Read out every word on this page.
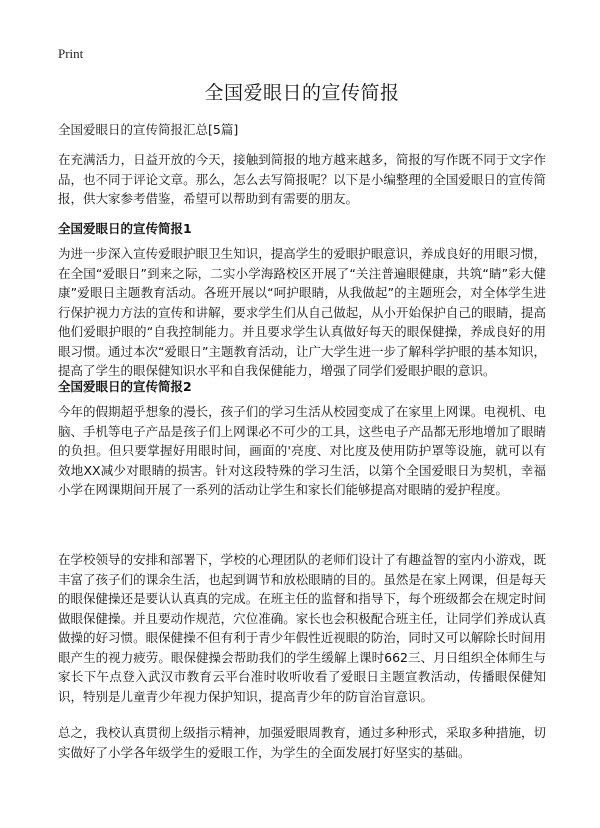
Print
全国爱眼日的宣传简报
全国爱眼日的宣传简报汇总[5篇]

在充满活力，日益开放的今天，接触到简报的地方越来越多，简报的写作既不同于文字作品，也不同于评论文章。那么，怎么去写简报呢？以下是小编整理的全国爱眼日的宣传简报，供大家参考借鉴，希望可以帮助到有需要的朋友。

全国爱眼日的宣传简报1

为进一步深入宣传爱眼护眼卫生知识，提高学生的爱眼护眼意识，养成良好的用眼习惯，在全国“爱眼日”到来之际，二实小学海路校区开展了“关注普遍眼健康，共筑“睛”彩大健康”爱眼日主题教育活动。各班开展以“呵护眼睛，从我做起”的主题班会，对全体学生进行保护视力方法的宣传和讲解，要求学生们从自己做起，从小开始保护自己的眼睛，提高他们爱眼护眼的“自我控制能力。并且要求学生认真做好每天的眼保健操，养成良好的用眼习惯。通过本次“爱眼日”主题教育活动，让广大学生进一步了解科学护眼的基本知识，提高了学生的眼保健知识水平和自我保健能力，增强了同学们爱眼护眼的意识。

全国爱眼日的宣传简报2

今年的假期超乎想象的漫长，孩子们的学习生活从校园变成了在家里上网课。电视机、电脑、手机等电子产品是孩子们上网课必不可少的工具，这些电子产品都无形地增加了眼睛的负担。但只要掌握好用眼时间，画面的'亮度、对比度及使用防护罩等设施，就可以有效地XX减少对眼睛的损害。针对这段特殊的学习生活，以第个全国爱眼日为契机，幸福小学在网课期间开展了一系列的活动让学生和家长们能够提高对眼睛的爱护程度。

在学校领导的安排和部署下，学校的心理团队的老师们设计了有趣益智的室内小游戏，既丰富了孩子们的课余生活，也起到调节和放松眼睛的目的。虽然是在家上网课，但是每天的眼保健操还是要认认真真的完成。在班主任的监督和指导下，每个班级都会在规定时间做眼保健操。并且要动作规范，穴位准确。家长也会积极配合班主任，让同学们养成认真做操的好习惯。眼保健操不但有利于青少年假性近视眼的防治，同时又可以解除长时间用眼产生的视力疲劳。眼保健操会帮助我们的学生缓解上课时662三、月日组织全体师生与家长下午点登入武汉市教育云平台准时收听收看了爱眼日主题宣教活动，传播眼保健知识，特别是儿童青少年视力保护知识，提高青少年的防盲治盲意识。

总之，我校认真贯彻上级指示精神，加强爱眼周教育，通过多种形式，采取多种措施，切实做好了小学各年级学生的爱眼工作，为学生的全面发展打好坚实的基础。
